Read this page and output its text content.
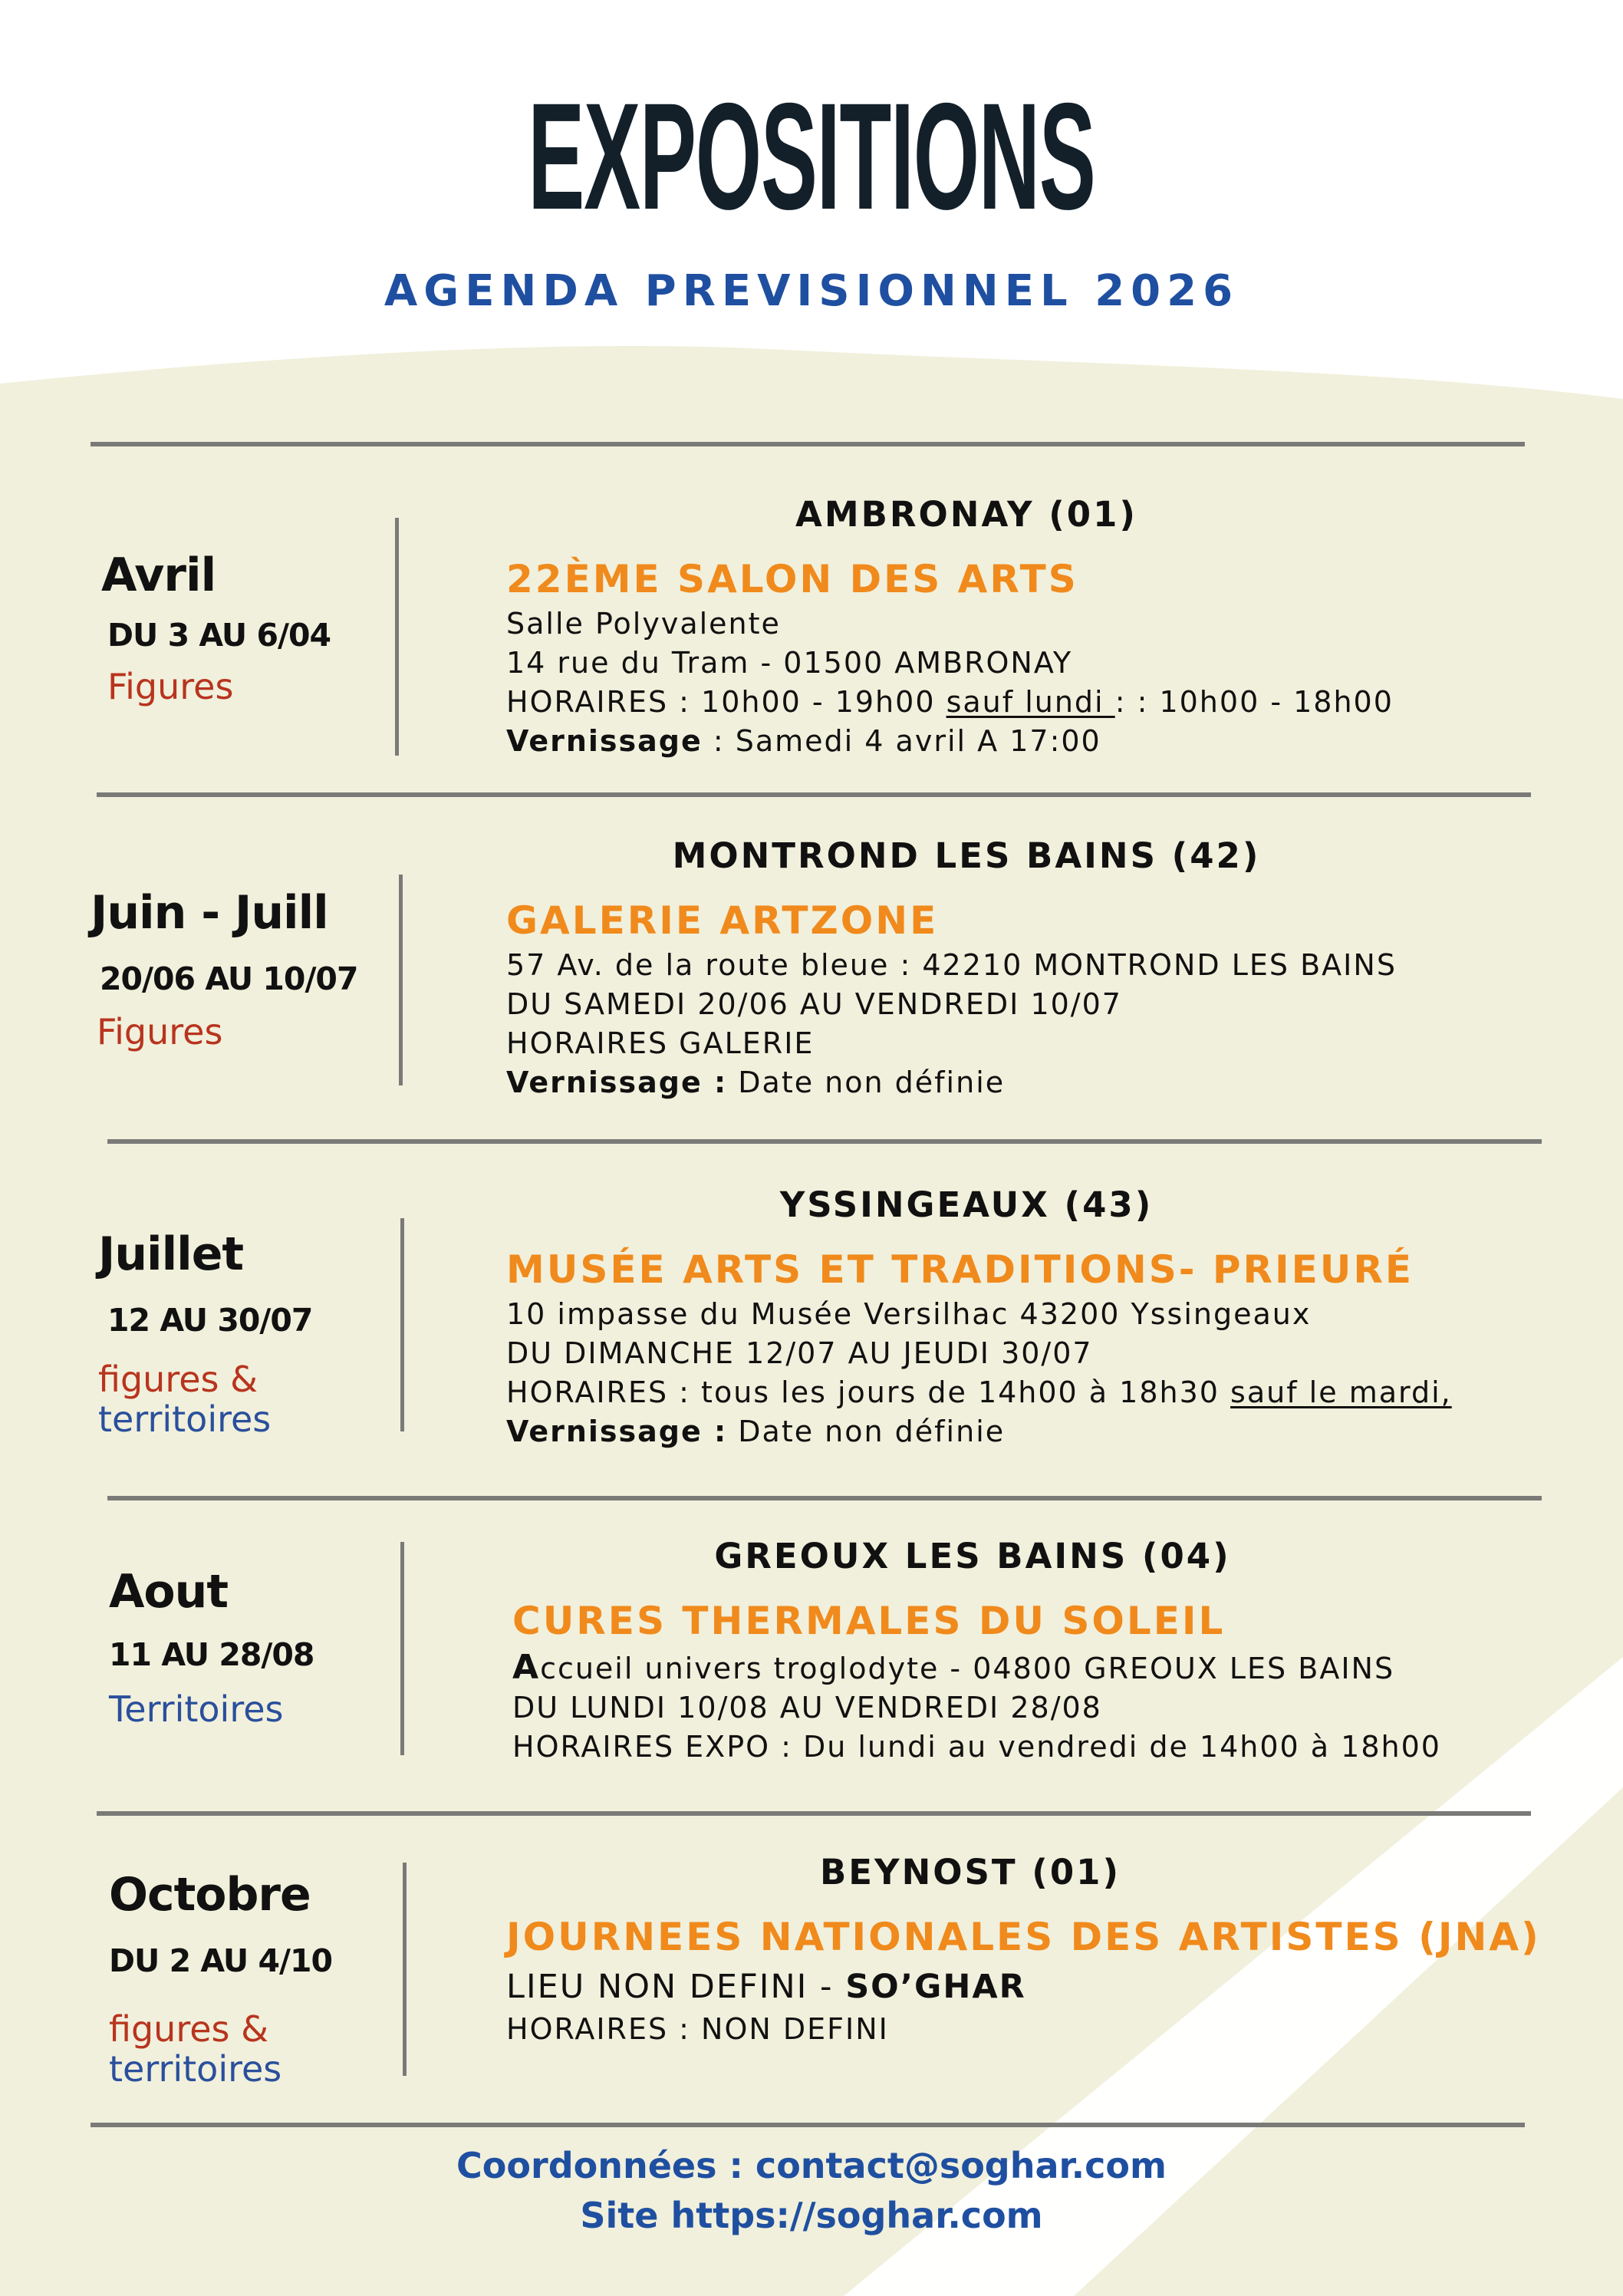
EXPOSITIONS
AGENDA PREVISIONNEL 2026
Avril
DU 3 AU 6/04
Figures
AMBRONAY (01)
22ÈME SALON DES ARTS
Salle Polyvalente
14 rue du Tram - 01500 AMBRONAY
HORAIRES : 10h00 - 19h00 sauf lundi : : 10h00 - 18h00
Vernissage : Samedi 4 avril A 17:00
Juin - Juill
20/06 AU 10/07
Figures
MONTROND LES BAINS (42)
GALERIE ARTZONE
57 Av. de la route bleue : 42210 MONTROND LES BAINS
DU SAMEDI 20/06 AU VENDREDI 10/07
HORAIRES GALERIE
Vernissage : Date non définie
Juillet
12 AU 30/07
figures &
territoires
YSSINGEAUX (43)
MUSÉE ARTS ET TRADITIONS- PRIEURÉ
10 impasse du Musée Versilhac 43200 Yssingeaux
DU DIMANCHE 12/07 AU JEUDI 30/07
HORAIRES : tous les jours de 14h00 à 18h30 sauf le mardi,
Vernissage : Date non définie
Aout
11 AU 28/08
Territoires
GREOUX LES BAINS (04)
CURES THERMALES DU SOLEIL
Accueil univers troglodyte - 04800 GREOUX LES BAINS
DU LUNDI 10/08 AU VENDREDI 28/08
HORAIRES EXPO : Du lundi au vendredi de 14h00 à 18h00
Octobre
DU 2 AU 4/10
figures &
territoires
BEYNOST (01)
JOURNEES NATIONALES DES ARTISTES (JNA)
LIEU NON DEFINI - SO’GHAR
HORAIRES : NON DEFINI
Coordonnées : contact@soghar.com
Site https://soghar.com
